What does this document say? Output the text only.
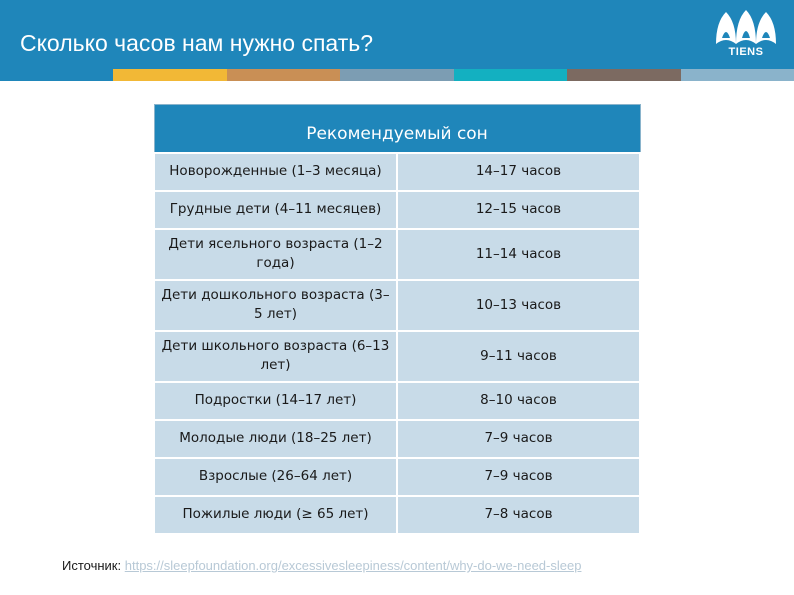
Сколько часов нам нужно спать?	TIENS
Рекомендуемый сон	
Новорожденные (1–3 месяца)	14–17 часов
Грудные дети (4–11 месяцев)	12–15 часов
Дети ясельного возраста (1–2 года)	11–14 часов
Дети дошкольного возраста (3–5 лет)	10–13 часов
Дети школьного возраста (6–13 лет)	9–11 часов
Подростки (14–17 лет)	8–10 часов
Молодые люди (18–25 лет)	7–9 часов
Взрослые (26–64 лет)	7–9 часов
Пожилые люди (≥ 65 лет)	7–8 часов
Источник: https://sleepfoundation.org/excessivesleepiness/content/why-do-we-need-sleep
